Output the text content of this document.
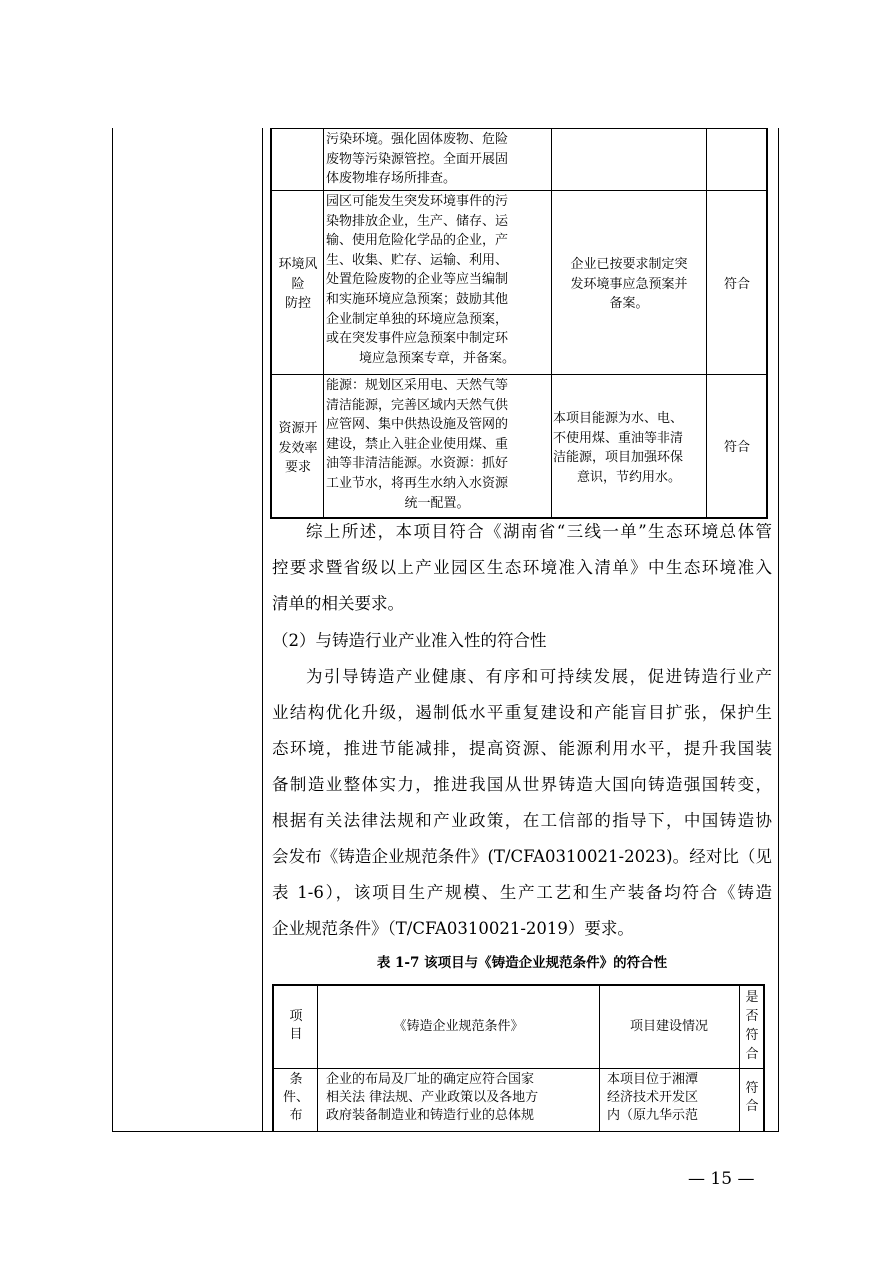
污染环境。强化固体废物、危险
废物等污染源管控。全面开展固
体废物堆存场所排查。
环境风
险
防控
园区可能发生突发环境事件的污
染物排放企业，生产、储存、运
输、使用危险化学品的企业，产
生、收集、贮存、运输、利用、
处置危险废物的企业等应当编制
和实施环境应急预案；鼓励其他
企业制定单独的环境应急预案，
或在突发事件应急预案中制定环
境应急预案专章，并备案。
企业已按要求制定突
发环境事应急预案并
备案。
符合
资源开
发效率
要求
能源：规划区采用电、天然气等
清洁能源，完善区域内天然气供
应管网、集中供热设施及管网的
建设，禁止入驻企业使用煤、重
油等非清洁能源。水资源：抓好
工业节水，将再生水纳入水资源
统一配置。
本项目能源为水、电、
不使用煤、重油等非清
洁能源，项目加强环保
意识，节约用水。
符合
综上所述，本项目符合《湖南省“三线一单”生态环境总体管
控要求暨省级以上产业园区生态环境准入清单》中生态环境准入
清单的相关要求。
（2）与铸造行业产业准入性的符合性
为引导铸造产业健康、有序和可持续发展，促进铸造行业产
业结构优化升级，遏制低水平重复建设和产能盲目扩张，保护生
态环境，推进节能减排，提高资源、能源利用水平，提升我国装
备制造业整体实力，推进我国从世界铸造大国向铸造强国转变，
根据有关法律法规和产业政策，在工信部的指导下，中国铸造协
会发布《铸造企业规范条件》(T/CFA0310021-2023)。经对比（见
表 1-6），该项目生产规模、生产工艺和生产装备均符合《铸造
企业规范条件》（T/CFA0310021-2019）要求。
表 1-7 该项目与《铸造企业规范条件》的符合性
项
目
《铸造企业规范条件》	项目建设情况
是
否
符
合
条
件、
布
企业的布局及厂址的确定应符合国家
相关法 律法规、产业政策以及各地方
政府装备制造业和铸造行业的总体规
本项目位于湘潭
经济技术开发区
内（原九华示范
符
合
— 15 —
